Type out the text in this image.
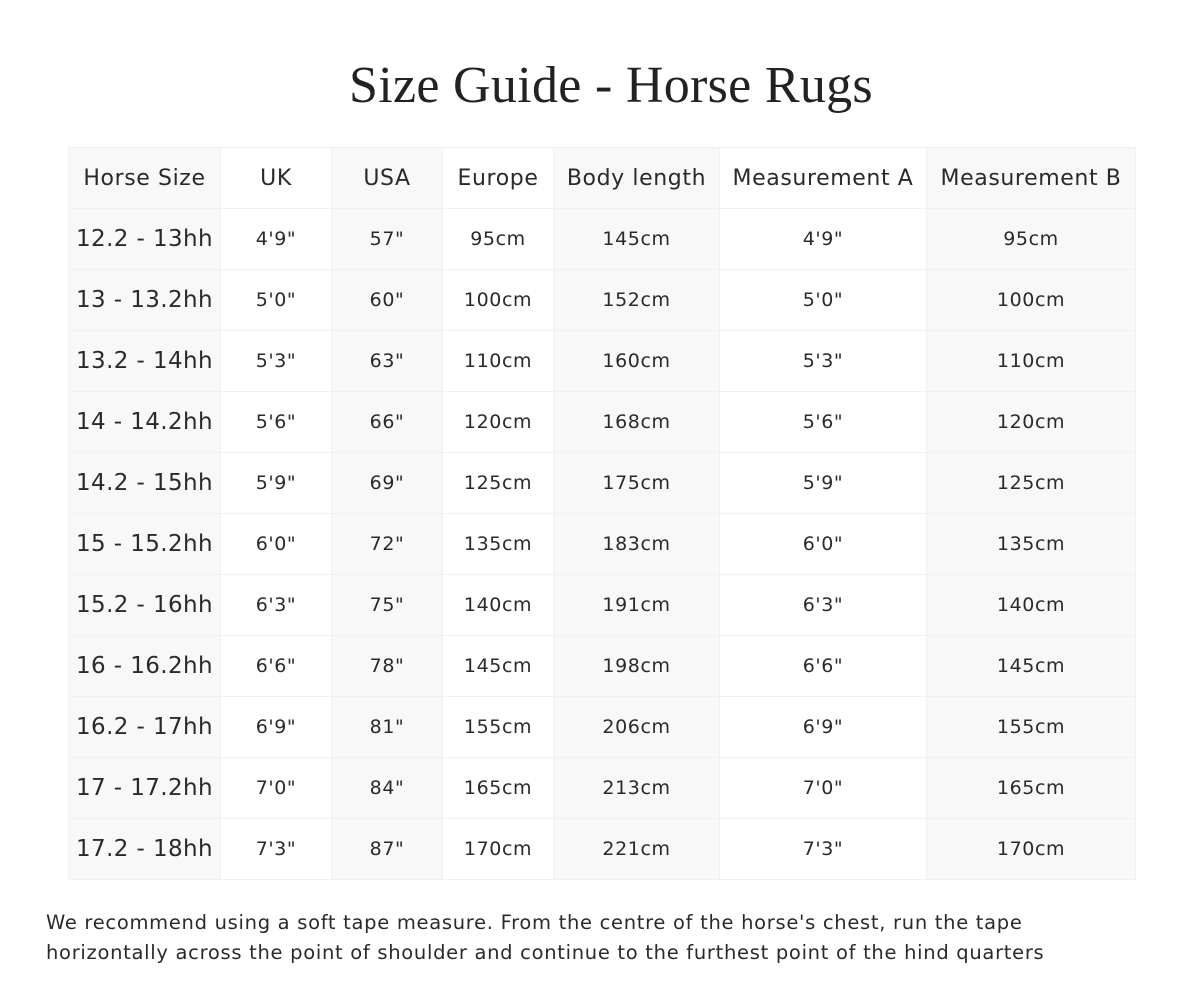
Size Guide - Horse Rugs
Horse Size	UK	USA	Europe	Body length	Measurement A	Measurement B
12.2 - 13hh	4'9"	57"	95cm	145cm	4'9"	95cm
13 - 13.2hh	5'0"	60"	100cm	152cm	5'0"	100cm
13.2 - 14hh	5'3"	63"	110cm	160cm	5'3"	110cm
14 - 14.2hh	5'6"	66"	120cm	168cm	5'6"	120cm
14.2 - 15hh	5'9"	69"	125cm	175cm	5'9"	125cm
15 - 15.2hh	6'0"	72"	135cm	183cm	6'0"	135cm
15.2 - 16hh	6'3"	75"	140cm	191cm	6'3"	140cm
16 - 16.2hh	6'6"	78"	145cm	198cm	6'6"	145cm
16.2 - 17hh	6'9"	81"	155cm	206cm	6'9"	155cm
17 - 17.2hh	7'0"	84"	165cm	213cm	7'0"	165cm
17.2 - 18hh	7'3"	87"	170cm	221cm	7'3"	170cm

We recommend using a soft tape measure. From the centre of the horse's chest, run the tape
horizontally across the point of shoulder and continue to the furthest point of the hind quarters
